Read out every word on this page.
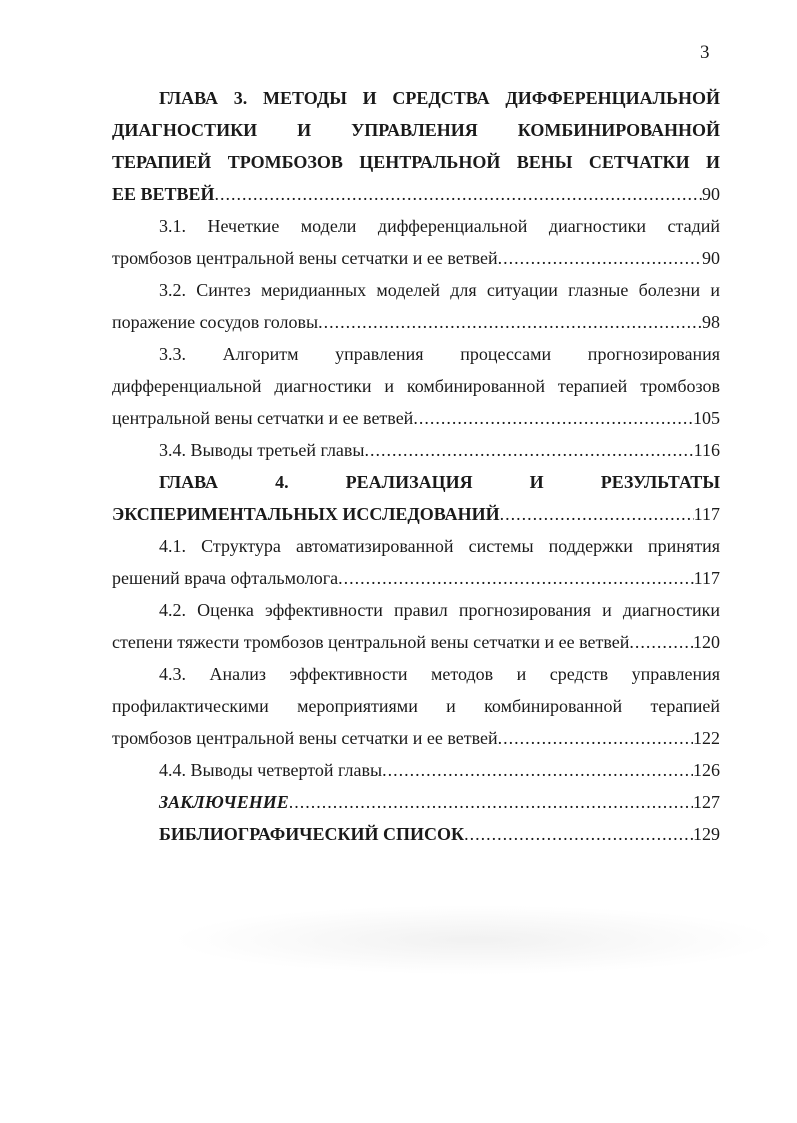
3
ГЛАВА 3. МЕТОДЫ И СРЕДСТВА ДИФФЕРЕНЦИАЛЬНОЙ
ДИАГНОСТИКИ И УПРАВЛЕНИЯ КОМБИНИРОВАННОЙ
ТЕРАПИЕЙ ТРОМБОЗОВ ЦЕНТРАЛЬНОЙ ВЕНЫ СЕТЧАТКИ И
ЕЕ ВЕТВЕЙ .....	90
3.1. Нечеткие модели дифференциальной диагностики стадий
тромбозов центральной вены сетчатки и ее ветвей .....	90
3.2. Синтез меридианных моделей для ситуации глазные болезни и
поражение сосудов головы .....	98
3.3. Алгоритм управления процессами прогнозирования
дифференциальной диагностики и комбинированной терапией тромбозов
центральной вены сетчатки и ее ветвей .....	105
3.4. Выводы третьей главы .....	116
ГЛАВА 4. РЕАЛИЗАЦИЯ И РЕЗУЛЬТАТЫ
ЭКСПЕРИМЕНТАЛЬНЫХ ИССЛЕДОВАНИЙ .....	117
4.1. Структура автоматизированной системы поддержки принятия
решений врача офтальмолога .....	117
4.2. Оценка эффективности правил прогнозирования и диагностики
степени тяжести тромбозов центральной вены сетчатки и ее ветвей .....	120
4.3. Анализ эффективности методов и средств управления
профилактическими мероприятиями и комбинированной терапией
тромбозов центральной вены сетчатки и ее ветвей .....	122
4.4. Выводы четвертой главы .....	126
ЗАКЛЮЧЕНИЕ .....	127
БИБЛИОГРАФИЧЕСКИЙ СПИСОК .....	129
